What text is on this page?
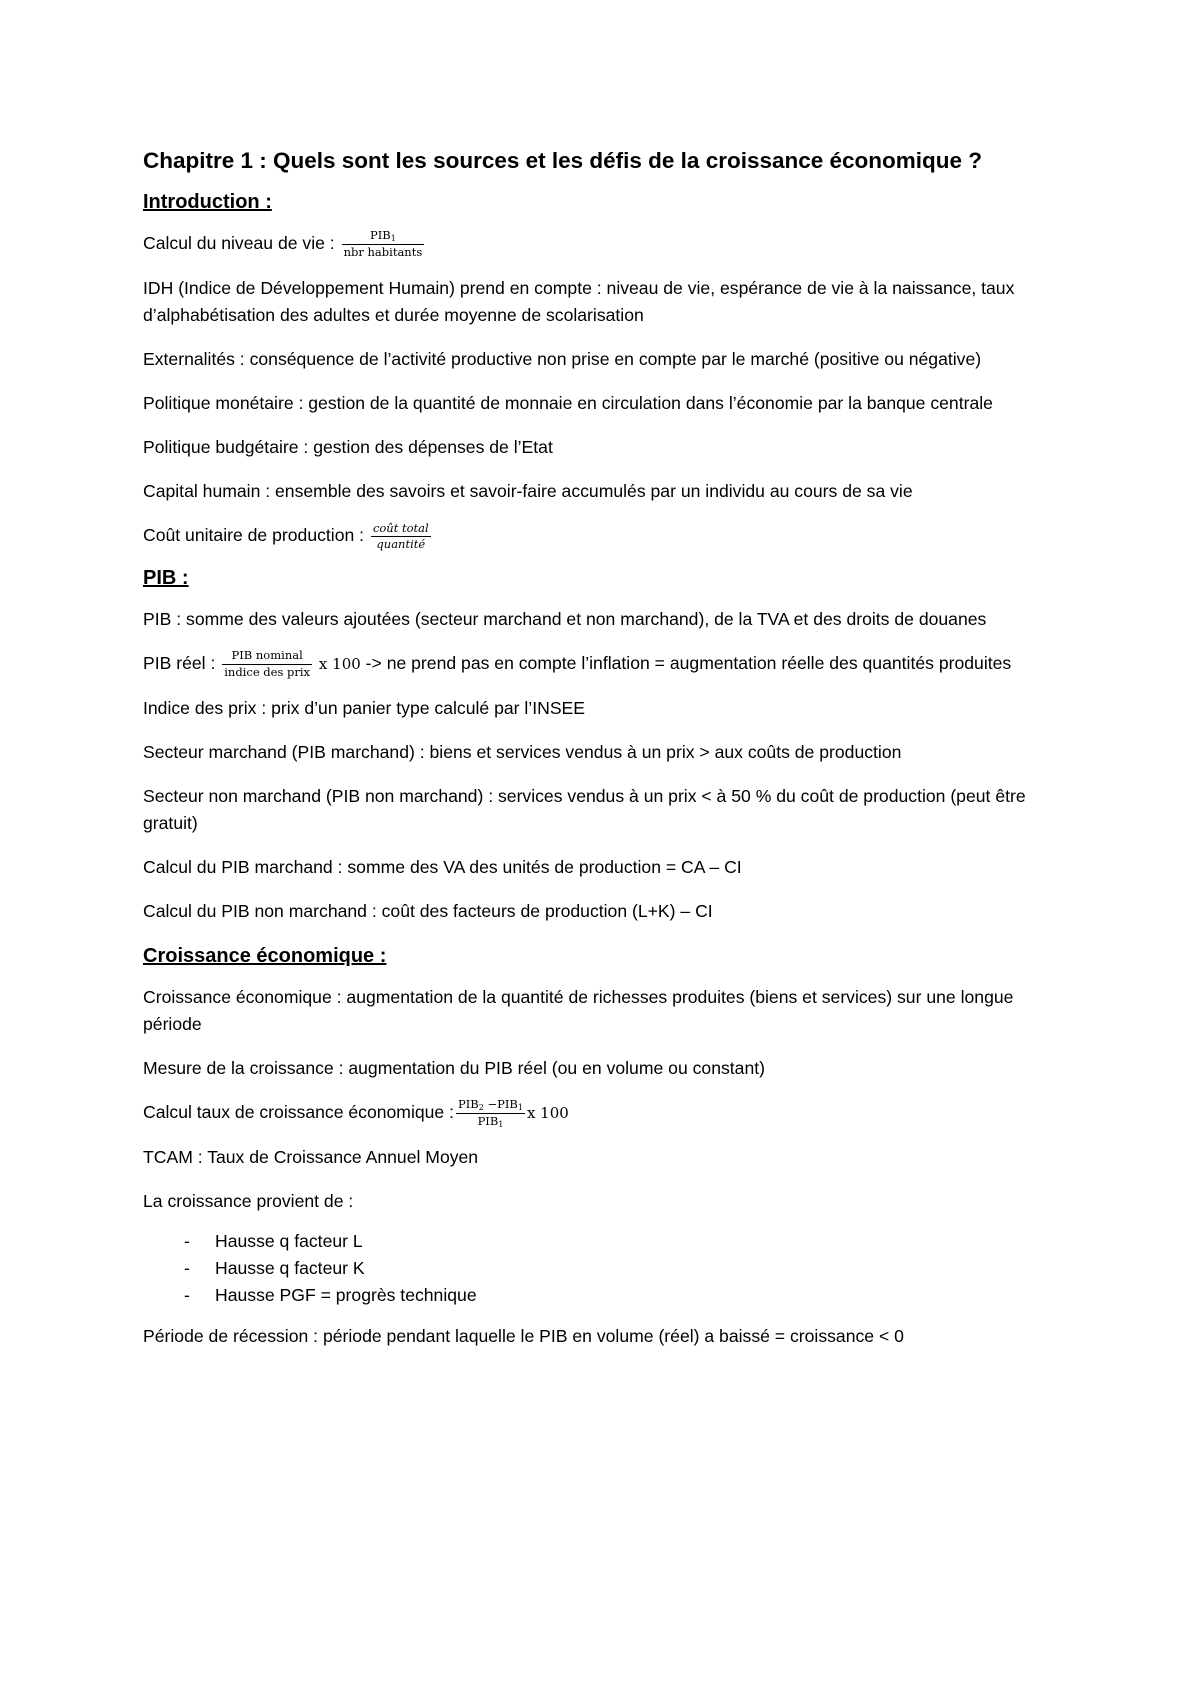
Chapitre 1 : Quels sont les sources et les défis de la croissance économique ?
Introduction :
Calcul du niveau de vie : $\frac{PIB_1}{\text{nbr habitants}}$
IDH (Indice de Développement Humain) prend en compte : niveau de vie, espérance de vie à la naissance, taux d’alphabétisation des adultes et durée moyenne de scolarisation
Externalités : conséquence de l’activité productive non prise en compte par le marché (positive ou négative)
Politique monétaire : gestion de la quantité de monnaie en circulation dans l’économie par la banque centrale
Politique budgétaire : gestion des dépenses de l’Etat
Capital humain : ensemble des savoirs et savoir-faire accumulés par un individu au cours de sa vie
Coût unitaire de production : $\frac{\text{coût total}}{\text{quantité}}$
PIB :
PIB : somme des valeurs ajoutées (secteur marchand et non marchand), de la TVA et des droits de douanes
PIB réel : $\frac{\text{PIB nominal}}{\text{indice des prix}}$ x 100 -> ne prend pas en compte l’inflation = augmentation réelle des quantités produites
Indice des prix : prix d’un panier type calculé par l’INSEE
Secteur marchand (PIB marchand) : biens et services vendus à un prix > aux coûts de production
Secteur non marchand (PIB non marchand) : services vendus à un prix < à 50 % du coût de production (peut être gratuit)
Calcul du PIB marchand : somme des VA des unités de production = CA – CI
Calcul du PIB non marchand : coût des facteurs de production (L+K) – CI
Croissance économique :
Croissance économique : augmentation de la quantité de richesses produites (biens et services) sur une longue période
Mesure de la croissance : augmentation du PIB réel (ou en volume ou constant)
Calcul taux de croissance économique : $\frac{PIB_2 -PIB_1}{PIB_1}$ x 100
TCAM : Taux de Croissance Annuel Moyen
La croissance provient de :
- Hausse q facteur L
- Hausse q facteur K
- Hausse PGF = progrès technique
Période de récession : période pendant laquelle le PIB en volume (réel) a baissé = croissance < 0
